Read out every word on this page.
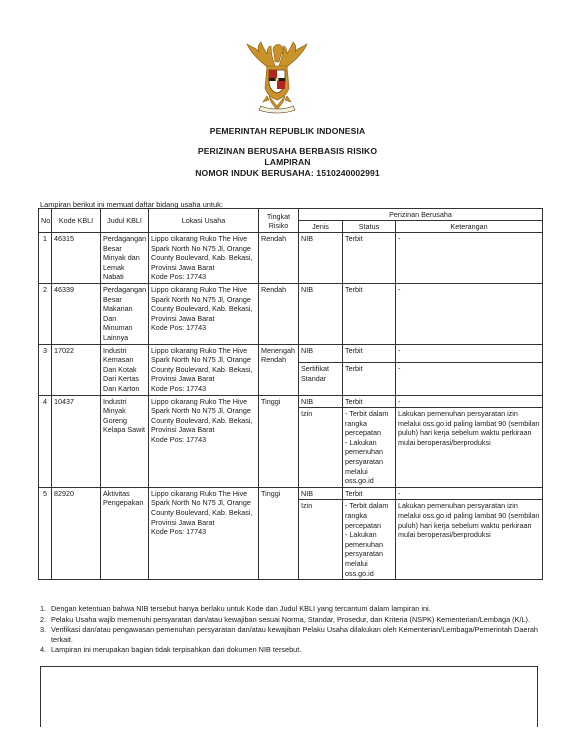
PEMERINTAH REPUBLIK INDONESIA
PERIZINAN BERUSAHA BERBASIS RISIKO
LAMPIRAN
NOMOR INDUK BERUSAHA: 1510240002991
Lampiran berikut ini memuat daftar bidang usaha untuk:
No.	Kode KBLI	Judul KBLI	Lokasi Usaha	Tingkat Risiko	Perizinan Berusaha		
					Jenis	Status	Keterangan
1	46315	Perdagangan Besar Minyak dan Lemak Nabati	Lippo cikarang Ruko The Hive Spark North No N75 Jl, Orange County Boulevard, Kab. Bekasi, Provinsi Jawa Barat
Kode Pos: 17743	Rendah	NIB	Terbit	-
2	46339	Perdagangan Besar Makanan Dan Minuman Lainnya	Lippo cikarang Ruko The Hive Spark North No N75 Jl, Orange County Boulevard, Kab. Bekasi, Provinsi Jawa Barat
Kode Pos: 17743	Rendah	NIB	Terbit	-
3	17022	Industri Kemasan Dan Kotak Dari Kertas Dan Karton	Lippo cikarang Ruko The Hive Spark North No N75 Jl, Orange County Boulevard, Kab. Bekasi, Provinsi Jawa Barat
Kode Pos: 17743	Menengah Rendah	NIB	Terbit	-
					Sertifikat Standar	Terbit	-
4	10437	Industri Minyak Goreng Kelapa Sawit	Lippo cikarang Ruko The Hive Spark North No N75 Jl, Orange County Boulevard, Kab. Bekasi, Provinsi Jawa Barat
Kode Pos: 17743	Tinggi	NIB	Terbit	-
					Izin	- Terbit dalam rangka percepatan
- Lakukan pemenuhan persyaratan melalui oss.go.id	Lakukan pemenuhan persyaratan izin melalui oss.go.id paling lambat 90 (sembilan puluh) hari kerja sebelum waktu perkiraan mulai beroperasi/berproduksi
5	82920	Aktivitas Pengepakan	Lippo cikarang Ruko The Hive Spark North No N75 Jl, Orange County Boulevard, Kab. Bekasi, Provinsi Jawa Barat
Kode Pos: 17743	Tinggi	NIB	Terbit	-
					Izin	- Terbit dalam rangka percepatan
- Lakukan pemenuhan persyaratan melalui oss.go.id	Lakukan pemenuhan persyaratan izin melalui oss.go.id paling lambat 90 (sembilan puluh) hari kerja sebelum waktu perkiraan mulai beroperasi/berproduksi
1. Dengan ketentuan bahwa NIB tersebut hanya berlaku untuk Kode dan Judul KBLI yang tercantum dalam lampiran ini.
2. Pelaku Usaha wajib memenuhi persyaratan dan/atau kewajiban sesuai Norma, Standar, Prosedur, dan Kriteria (NSPK) Kementerian/Lembaga (K/L).
3. Verifikasi dan/atau pengawasan pemenuhan persyaratan dan/atau kewajiban Pelaku Usaha dilakukan oleh Kementerian/Lembaga/Pemerintah Daerah terkait.
4. Lampiran ini merupakan bagian tidak terpisahkan dari dokumen NIB tersebut.
